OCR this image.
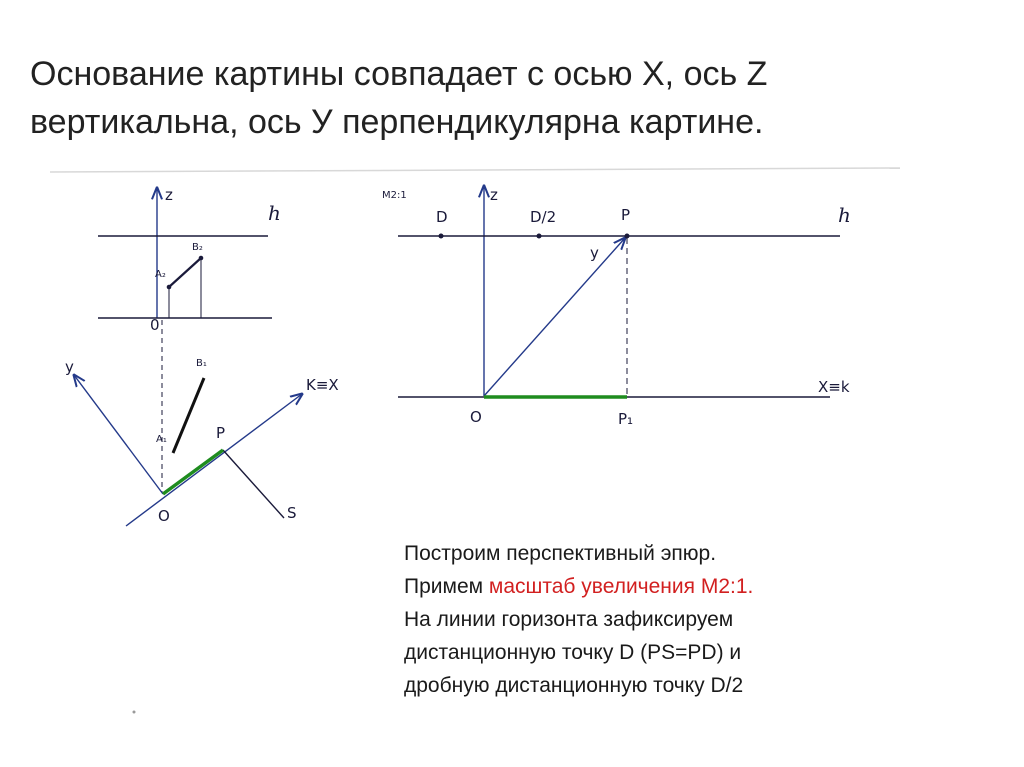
Основание картины совпадает с осью X, ось Z
вертикальна, ось У перпендикулярна картине.
z
h
A₂
B₂
0
y	B₁
A₁	P
K≡X
O	S
M2:1	z
D	D/2	P	h
y
X≡k
O	P₁
Построим перспективный эпюр.
Примем масштаб увеличения М2:1.
На линии горизонта зафиксируем
дистанционную точку D (PS=PD) и
дробную дистанционную точку D/2
